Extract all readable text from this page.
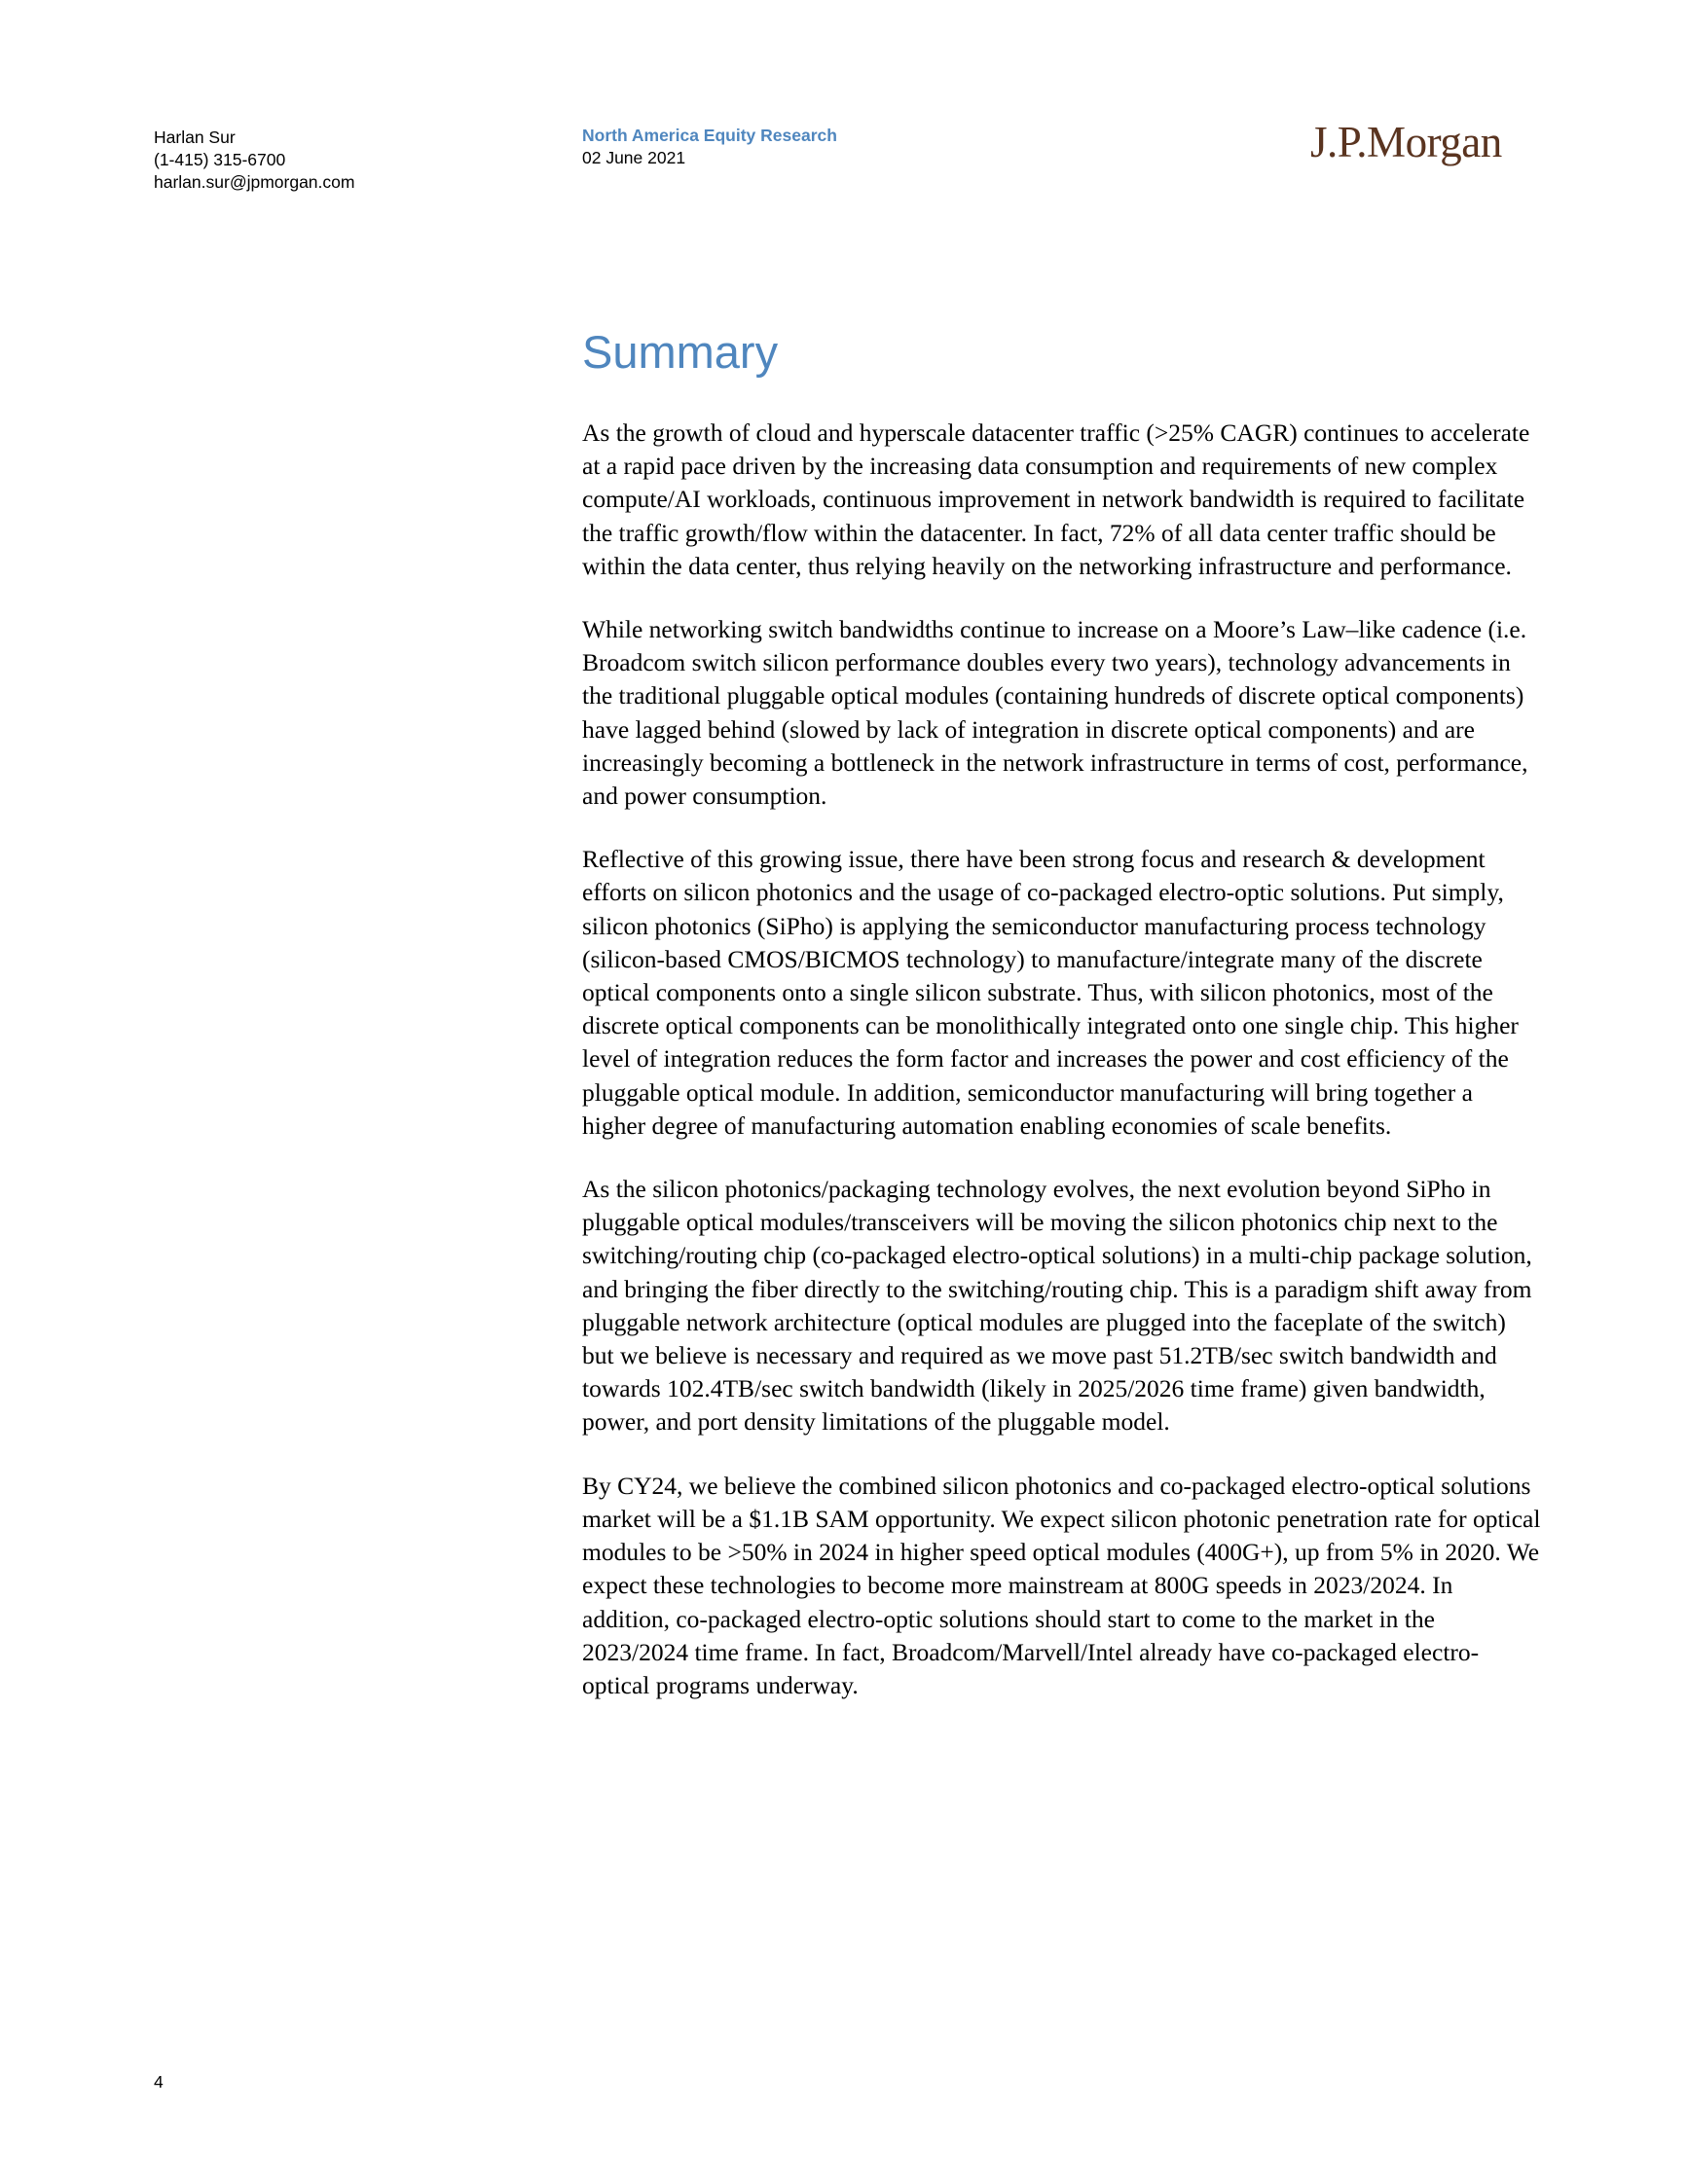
Harlan Sur
(1-415) 315-6700
harlan.sur@jpmorgan.com
North America Equity Research
02 June 2021	J.P.Morgan
Summary

As the growth of cloud and hyperscale datacenter traffic (>25% CAGR) continues to accelerate at a rapid pace driven by the increasing data consumption and requirements of new complex compute/AI workloads, continuous improvement in network bandwidth is required to facilitate the traffic growth/flow within the datacenter. In fact, 72% of all data center traffic should be within the data center, thus relying heavily on the networking infrastructure and performance.

While networking switch bandwidths continue to increase on a Moore’s Law–like cadence (i.e. Broadcom switch silicon performance doubles every two years), technology advancements in the traditional pluggable optical modules (containing hundreds of discrete optical components) have lagged behind (slowed by lack of integration in discrete optical components) and are increasingly becoming a bottleneck in the network infrastructure in terms of cost, performance, and power consumption.

Reflective of this growing issue, there have been strong focus and research & development efforts on silicon photonics and the usage of co-packaged electro-optic solutions. Put simply, silicon photonics (SiPho) is applying the semiconductor manufacturing process technology (silicon-based CMOS/BICMOS technology) to manufacture/integrate many of the discrete optical components onto a single silicon substrate. Thus, with silicon photonics, most of the discrete optical components can be monolithically integrated onto one single chip. This higher level of integration reduces the form factor and increases the power and cost efficiency of the pluggable optical module. In addition, semiconductor manufacturing will bring together a higher degree of manufacturing automation enabling economies of scale benefits.

As the silicon photonics/packaging technology evolves, the next evolution beyond SiPho in pluggable optical modules/transceivers will be moving the silicon photonics chip next to the switching/routing chip (co-packaged electro-optical solutions) in a multi-chip package solution, and bringing the fiber directly to the switching/routing chip. This is a paradigm shift away from pluggable network architecture (optical modules are plugged into the faceplate of the switch) but we believe is necessary and required as we move past 51.2TB/sec switch bandwidth and towards 102.4TB/sec switch bandwidth (likely in 2025/2026 time frame) given bandwidth, power, and port density limitations of the pluggable model.

By CY24, we believe the combined silicon photonics and co-packaged electro-optical solutions market will be a $1.1B SAM opportunity. We expect silicon photonic penetration rate for optical modules to be >50% in 2024 in higher speed optical modules (400G+), up from 5% in 2020. We expect these technologies to become more mainstream at 800G speeds in 2023/2024. In addition, co-packaged electro-optic solutions should start to come to the market in the 2023/2024 time frame. In fact, Broadcom/Marvell/Intel already have co-packaged electro-optical programs underway.

4
